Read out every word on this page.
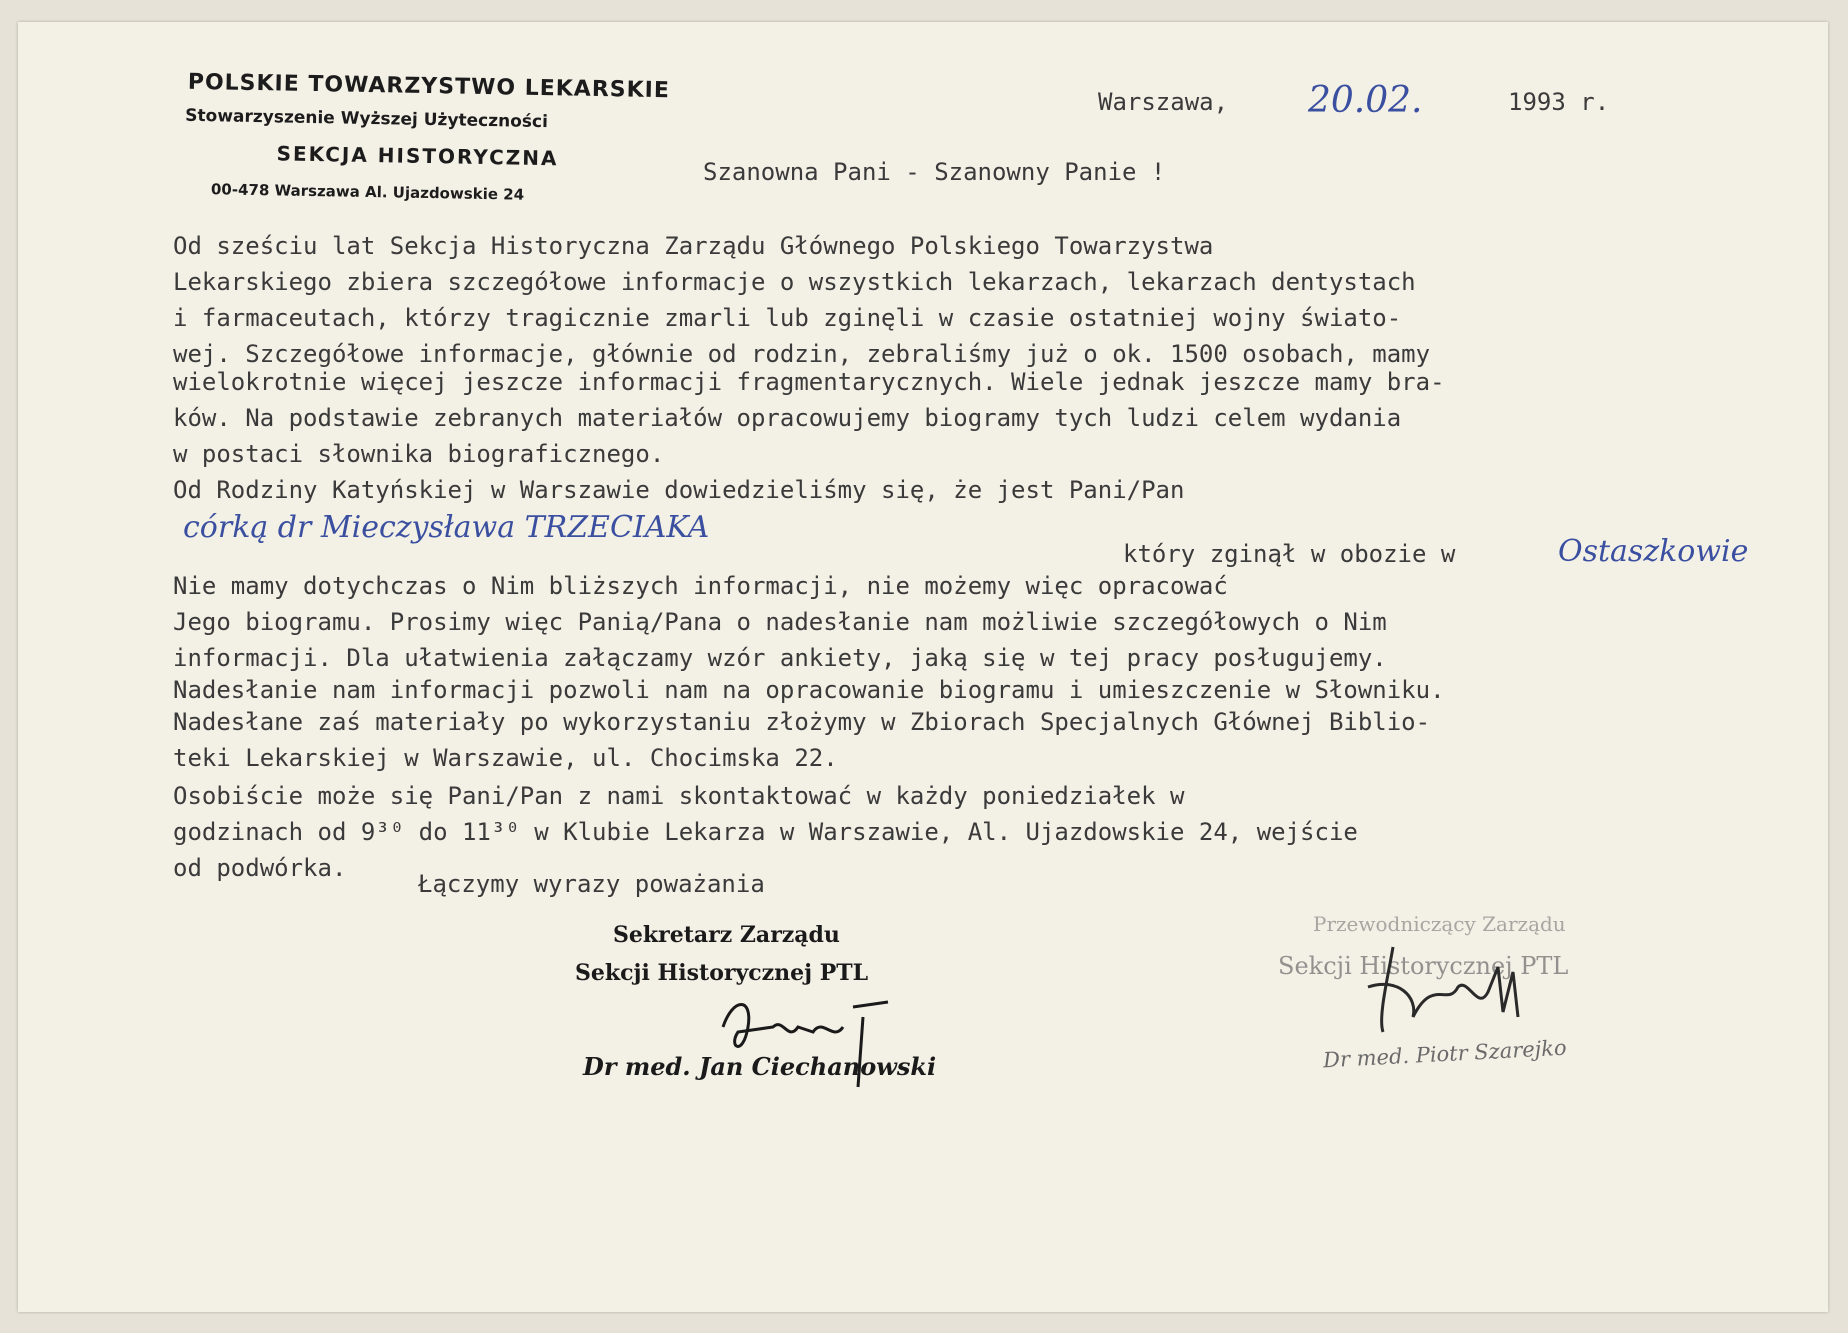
POLSKIE TOWARZYSTWO LEKARSKIE
Stowarzyszenie Wyższej Użyteczności
SEKCJA HISTORYCZNA
00-478 Warszawa Al. Ujazdowskie 24
Warszawa, 20.02.	1993 r.
Szanowna Pani - Szanowny Panie !
Od sześciu lat Sekcja Historyczna Zarządu Głównego Polskiego Towarzystwa
Lekarskiego zbiera szczegółowe informacje o wszystkich lekarzach, lekarzach dentystach
i farmaceutach, którzy tragicznie zmarli lub zginęli w czasie ostatniej wojny świato-
wej. Szczegółowe informacje, głównie od rodzin, zebraliśmy już o ok. 1500 osobach, mamy
wielokrotnie więcej jeszcze informacji fragmentarycznych. Wiele jednak jeszcze mamy bra-
ków. Na podstawie zebranych materiałów opracowujemy biogramy tych ludzi celem wydania
w postaci słownika biograficznego.
Od Rodziny Katyńskiej w Warszawie dowiedzieliśmy się, że jest Pani/Pan
córką dr Mieczysława TRZECIAKA
który zginął w obozie w	Ostaszkowie
Nie mamy dotychczas o Nim bliższych informacji, nie możemy więc opracować
Jego biogramu. Prosimy więc Panią/Pana o nadesłanie nam możliwie szczegółowych o Nim
informacji. Dla ułatwienia załączamy wzór ankiety, jaką się w tej pracy posługujemy.
Nadesłanie nam informacji pozwoli nam na opracowanie biogramu i umieszczenie w Słowniku.
Nadesłane zaś materiały po wykorzystaniu złożymy w Zbiorach Specjalnych Głównej Biblio-
teki Lekarskiej w Warszawie, ul. Chocimska 22.
Osobiście może się Pani/Pan z nami skontaktować w każdy poniedziałek w
godzinach od 9³⁰ do 11³⁰ w Klubie Lekarza w Warszawie, Al. Ujazdowskie 24, wejście
od podwórka.
Łączymy wyrazy poważania
Sekretarz Zarządu
Sekcji Historycznej PTL
Dr med. Jan Ciechanowski
Przewodniczący Zarządu
Sekcji Historycznej PTL
Dr med. Piotr Szarejko
